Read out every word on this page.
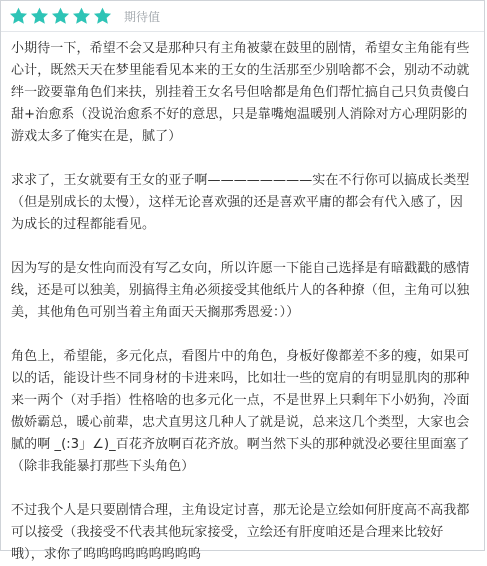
期待值

小期待一下，希望不会又是那种只有主角被蒙在鼓里的剧情，希望女主角能有些心计，既然天天在梦里能看见本来的王女的生活那至少别啥都不会，别动不动就绊一跤要靠角色们来扶，别挂着王女名号但啥都是角色们帮忙搞自己只负责傻白甜+治愈系（没说治愈系不好的意思，只是靠嘴炮温暖别人消除对方心理阴影的游戏太多了俺实在是，腻了）

求求了，王女就要有王女的亚子啊————————实在不行你可以搞成长类型（但是别成长的太慢），这样无论喜欢强的还是喜欢平庸的都会有代入感了，因为成长的过程都能看见。

因为写的是女性向而没有写乙女向，所以许愿一下能自己选择是有暗戳戳的感情线，还是可以独美，别搞得主角必须接受其他纸片人的各种撩（但，主角可以独美，其他角色可别当着主角面天天搁那秀恩爱：））

角色上，希望能，多元化点，看图片中的角色，身板好像都差不多的瘦，如果可以的话，能设计些不同身材的卡进来吗，比如壮一些的宽肩的有明显肌肉的那种来一两个（对手指）性格啥的也多元化一点，不是世界上只剩年下小奶狗，冷面傲娇霸总，暖心前辈，忠犬直男这几种人了就是说，总来这几个类型，大家也会腻的啊 _(:3」∠)_百花齐放啊百花齐放。啊当然下头的那种就没必要往里面塞了（除非我能暴打那些下头角色）

不过我个人是只要剧情合理，主角设定讨喜，那无论是立绘如何肝度高不高我都可以接受（我接受不代表其他玩家接受，立绘还有肝度咱还是合理来比较好哦），求你了呜呜呜呜呜呜呜呜呜
